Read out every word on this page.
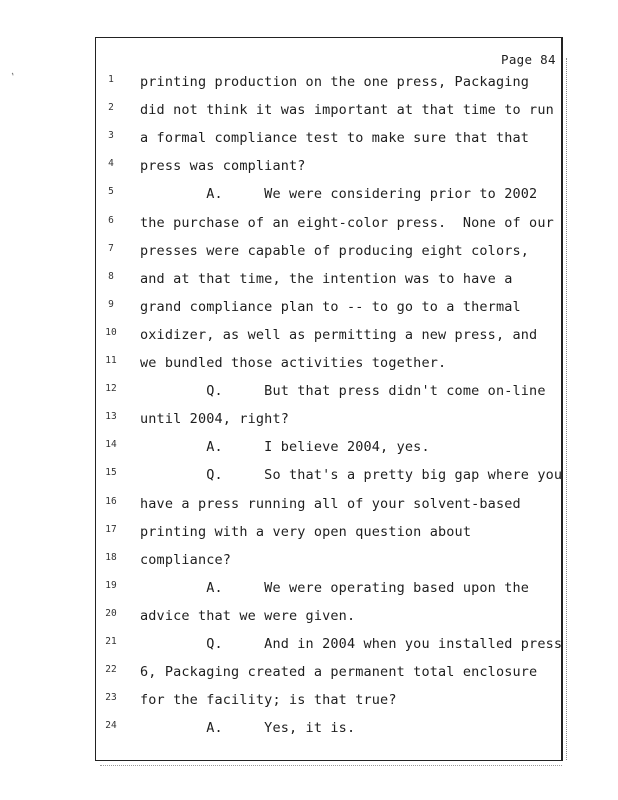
’
Page 84
1	printing production on the one press, Packaging
2	did not think it was important at that time to run
3	a formal compliance test to make sure that that
4	press was compliant?
5	A.     We were considering prior to 2002
6	the purchase of an eight-color press.  None of our
7	presses were capable of producing eight colors,
8	and at that time, the intention was to have a
9	grand compliance plan to -- to go to a thermal
10	oxidizer, as well as permitting a new press, and
11	we bundled those activities together.
12	Q.     But that press didn't come on-line
13	until 2004, right?
14	A.     I believe 2004, yes.
15	Q.     So that's a pretty big gap where you
16	have a press running all of your solvent-based
17	printing with a very open question about
18	compliance?
19	A.     We were operating based upon the
20	advice that we were given.
21	Q.     And in 2004 when you installed press
22	6, Packaging created a permanent total enclosure
23	for the facility; is that true?
24	A.     Yes, it is.
